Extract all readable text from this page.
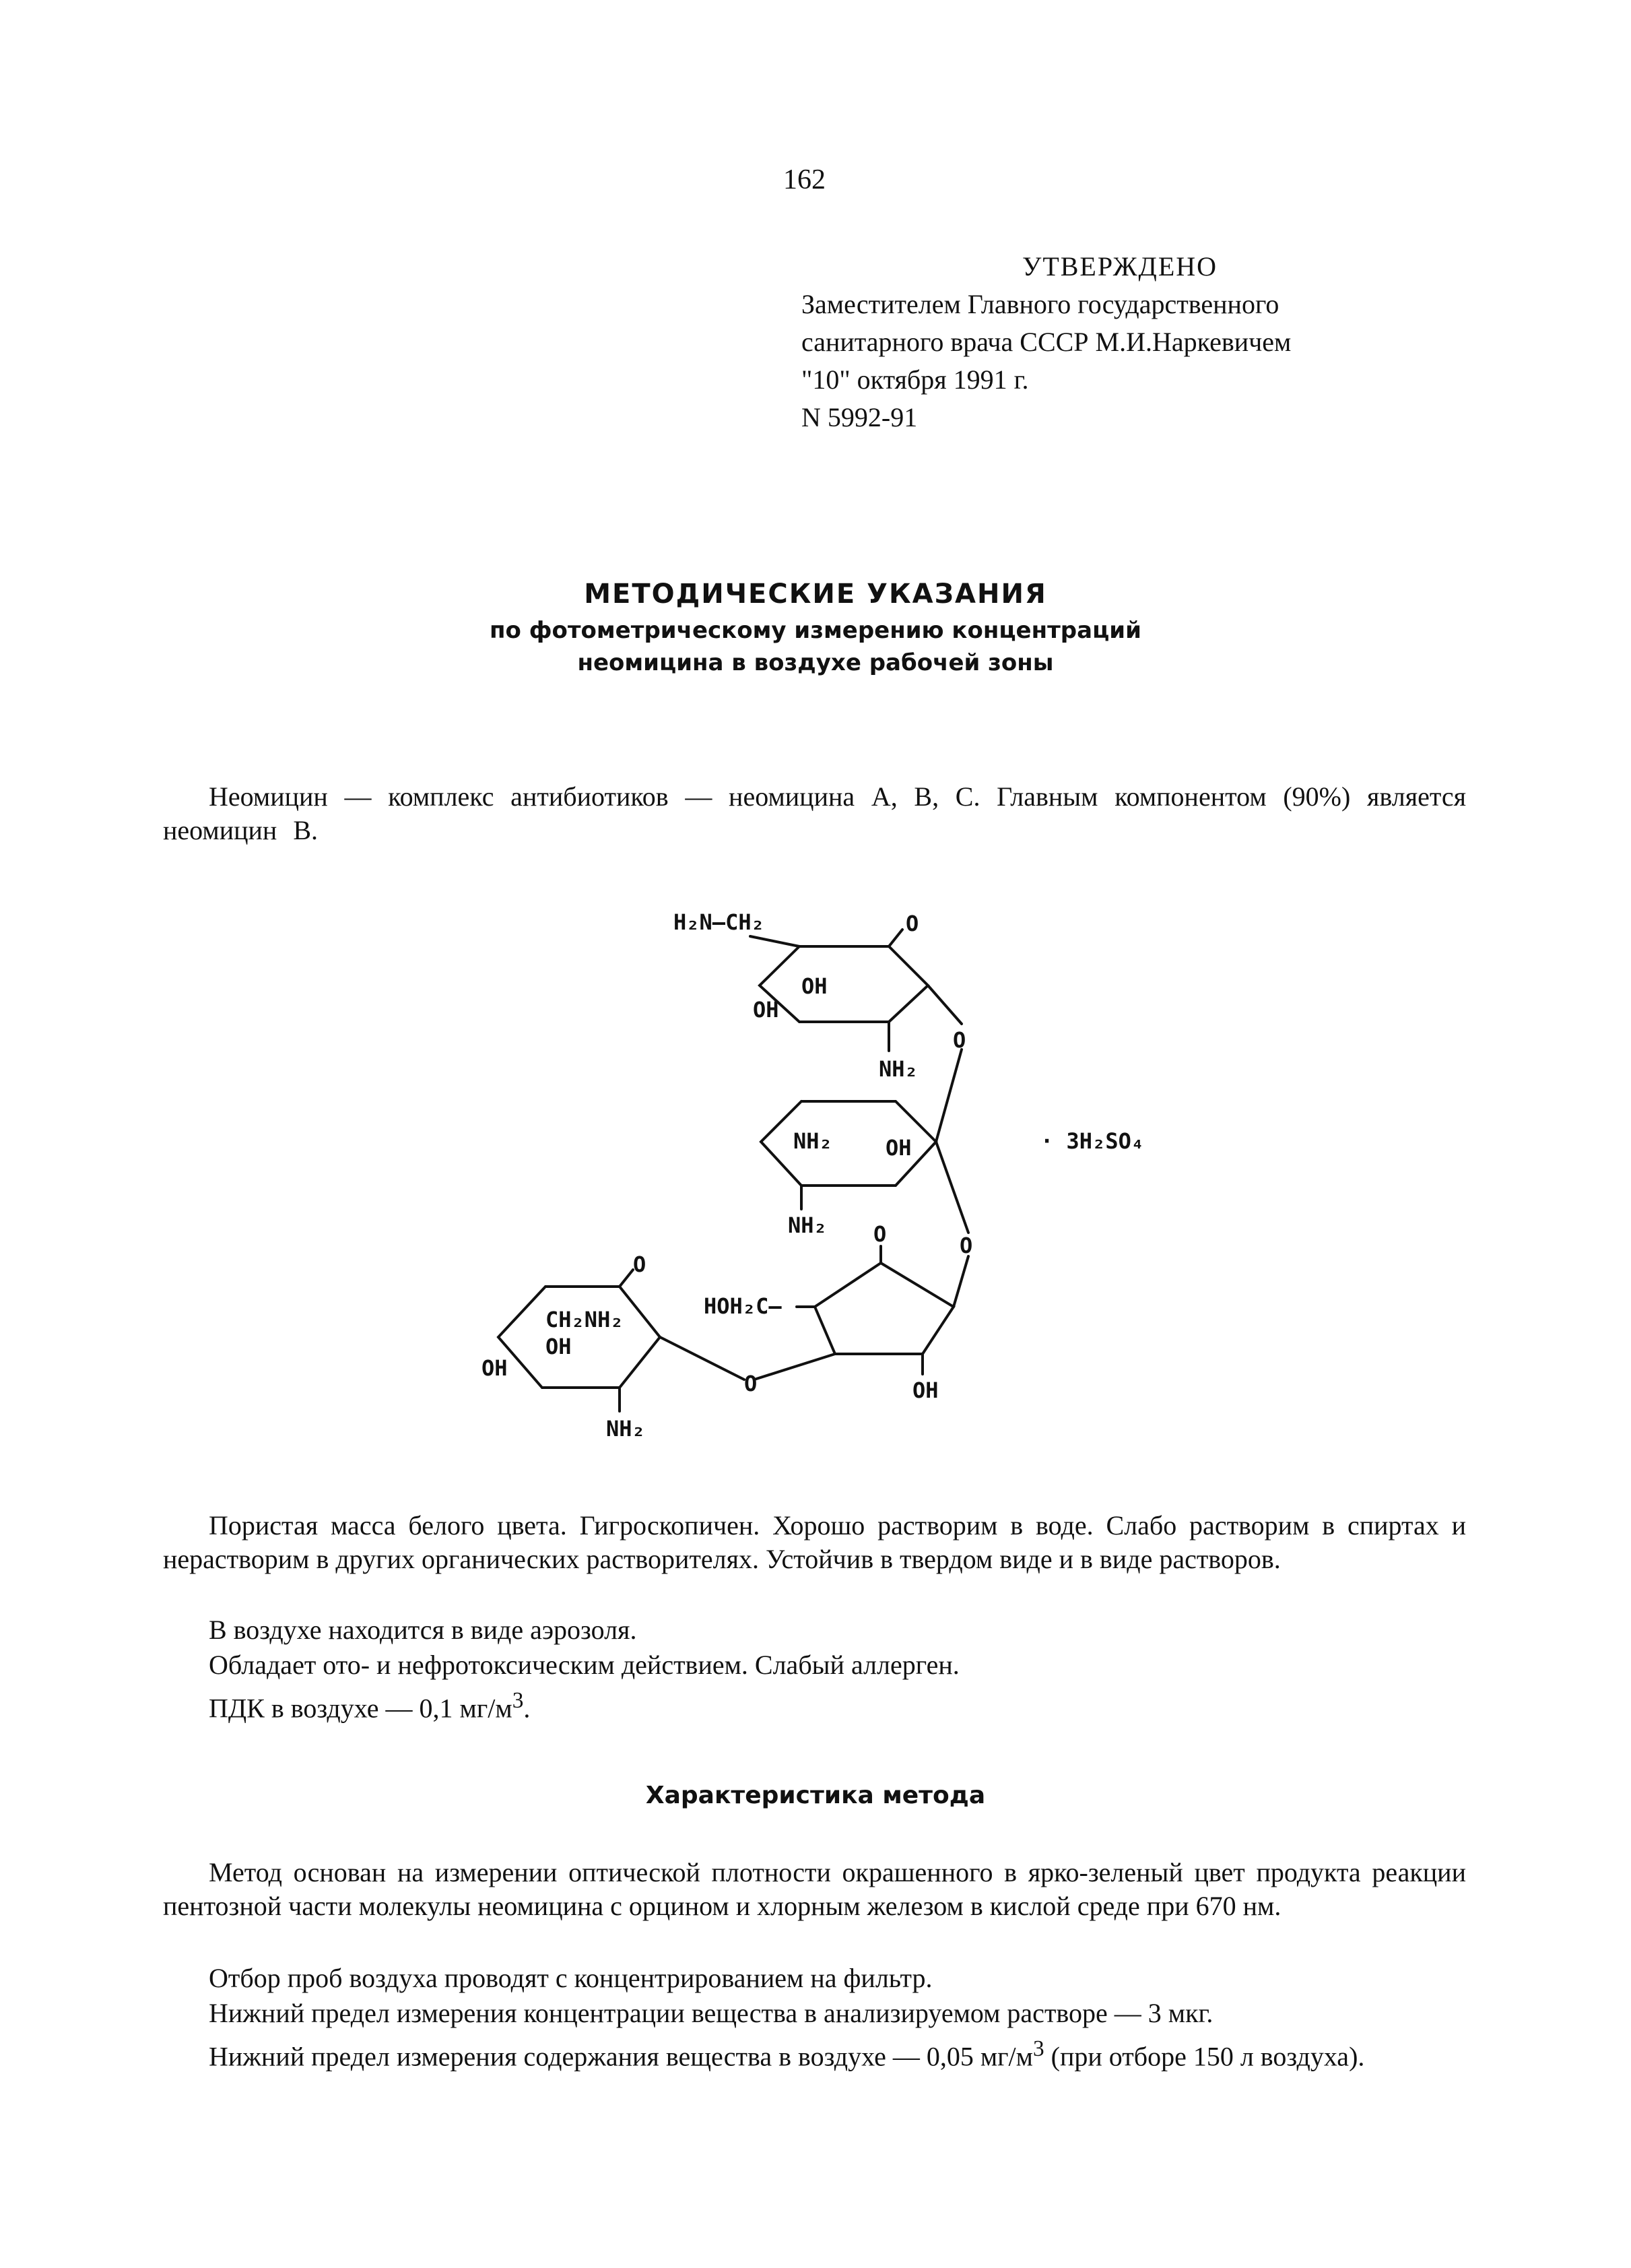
162
УТВЕРЖДЕНО
Заместителем Главного государственного
санитарного врача СССР М.И.Наркевичем
"10" октября 1991 г.
N 5992-91
МЕТОДИЧЕСКИЕ УКАЗАНИЯ
по фотометрическому измерению концентраций
неомицина в воздухе рабочей зоны
Неомицин — комплекс антибиотиков — неомицина А, В, С. Главным компонентом (90%) является неомицин В.
H₂N—CH₂	O
OH
OH
NH₂
O
NH₂ OH
NH₂
O
O
HOH₂C—
OH
O
O
CH₂NH₂
OH
OH
NH₂
· 3H₂SO₄
Пористая масса белого цвета. Гигроскопичен. Хорошо растворим в воде. Слабо растворим в спиртах и нерастворим в других органических растворителях. Устойчив в твердом виде и в виде растворов.
В воздухе находится в виде аэрозоля.
Обладает ото- и нефротоксическим действием. Слабый аллерген.
ПДК в воздухе — 0,1 $мг/м^3$.
Характеристика метода
Метод основан на измерении оптической плотности окрашенного в ярко-зеленый цвет продукта реакции пентозной части молекулы неомицина с орцином и хлорным железом в кислой среде при 670 нм.
Отбор проб воздуха проводят с концентрированием на фильтр.
Нижний предел измерения концентрации вещества в анализируемом растворе — 3 мкг.
Нижний предел измерения содержания вещества в воздухе — 0,05 $мг/м^3$ (при отборе 150 л воздуха).
